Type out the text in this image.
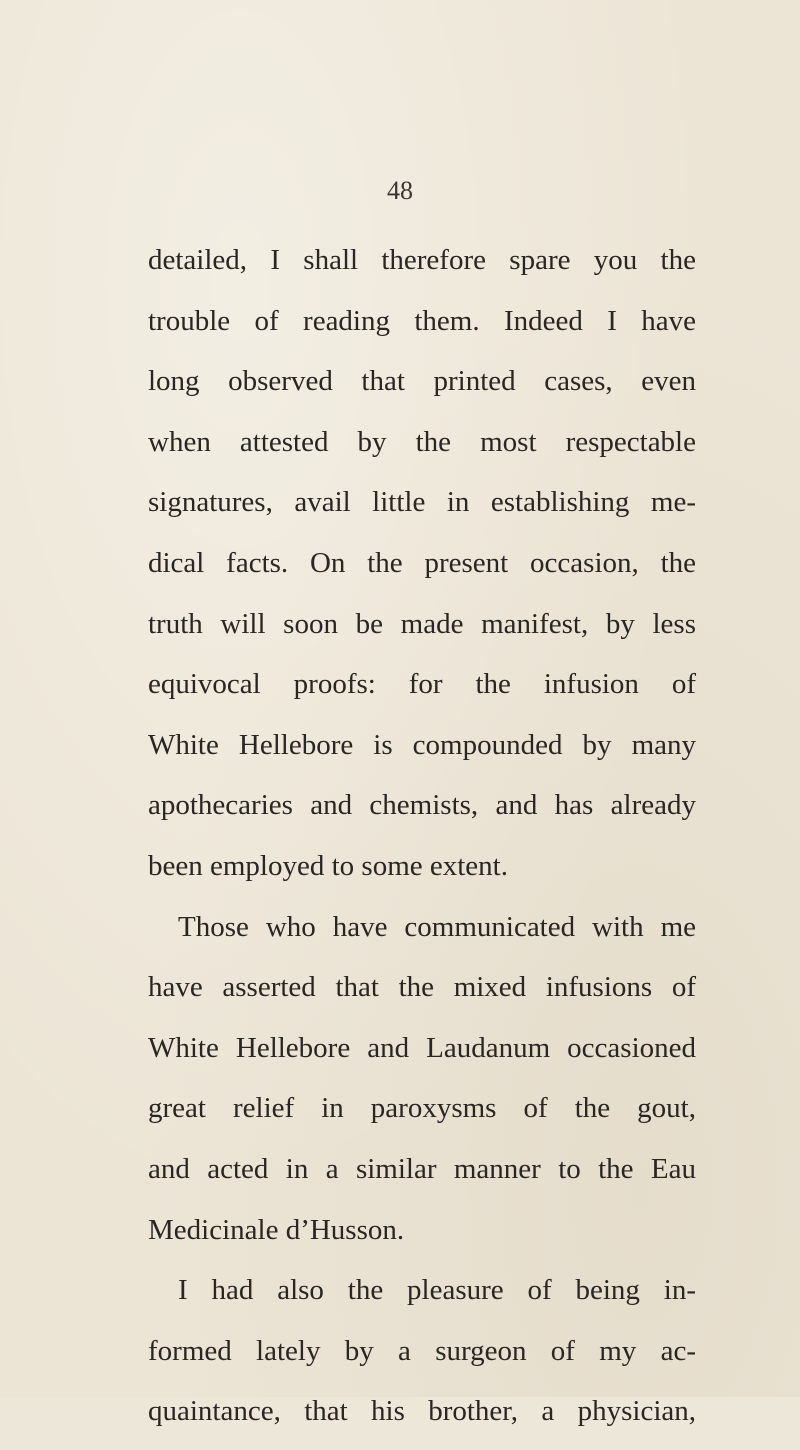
48
detailed, I shall therefore spare you the
trouble of reading them. Indeed I have
long observed that printed cases, even
when attested by the most respectable
signatures, avail little in establishing me-
dical facts. On the present occasion, the
truth will soon be made manifest, by less
equivocal proofs: for the infusion of
White Hellebore is compounded by many
apothecaries and chemists, and has already
been employed to some extent.
Those who have communicated with me
have asserted that the mixed infusions of
White Hellebore and Laudanum occasioned
great relief in paroxysms of the gout,
and acted in a similar manner to the Eau
Medicinale d’Husson.
I had also the pleasure of being in-
formed lately by a surgeon of my ac-
quaintance, that his brother, a physician,
